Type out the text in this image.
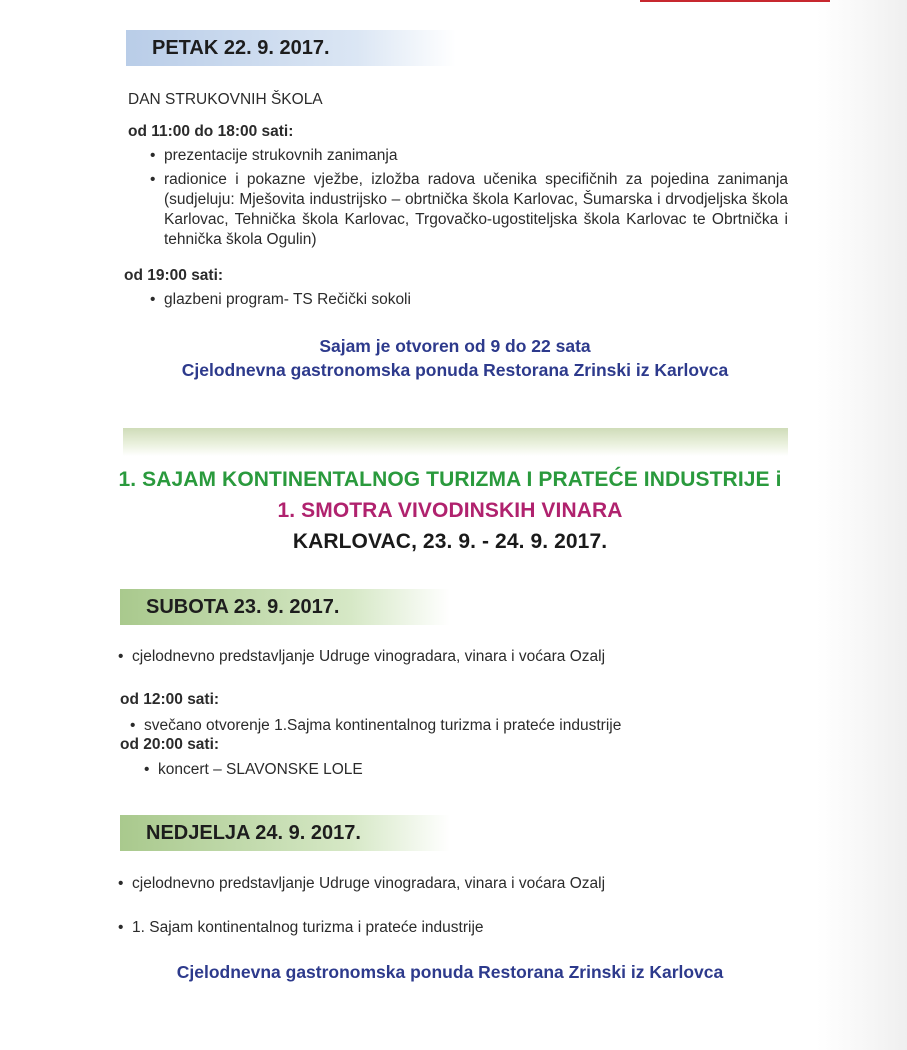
PETAK 22. 9. 2017.
DAN STRUKOVNIH ŠKOLA
od 11:00 do 18:00 sati:
• prezentacije strukovnih zanimanja
• radionice i pokazne vježbe, izložba radova učenika specifičnih za pojedina zanimanja (sudjeluju: Mješovita industrijsko – obrtnička škola Karlovac, Šumarska i drvodjeljska škola Karlovac, Tehnička škola Karlovac, Trgovačko-ugostiteljska škola Karlovac te Obrtnička i tehnička škola Ogulin)
od 19:00 sati:
• glazbeni program- TS Rečički sokoli
Sajam je otvoren od 9 do 22 sata
Cjelodnevna gastronomska ponuda Restorana Zrinski iz Karlovca
1. SAJAM KONTINENTALNOG TURIZMA I PRATEĆE INDUSTRIJE i
1. SMOTRA VIVODINSKIH VINARA
KARLOVAC, 23. 9. - 24. 9. 2017.
SUBOTA 23. 9. 2017.
• cjelodnevno predstavljanje Udruge vinogradara, vinara i voćara Ozalj
od 12:00 sati:
• svečano otvorenje 1.Sajma kontinentalnog turizma i prateće industrije
od 20:00 sati:
• koncert – SLAVONSKE LOLE
NEDJELJA 24. 9. 2017.
• cjelodnevno predstavljanje Udruge vinogradara, vinara i voćara Ozalj
• 1. Sajam kontinentalnog turizma i prateće industrije
Cjelodnevna gastronomska ponuda Restorana Zrinski iz Karlovca
